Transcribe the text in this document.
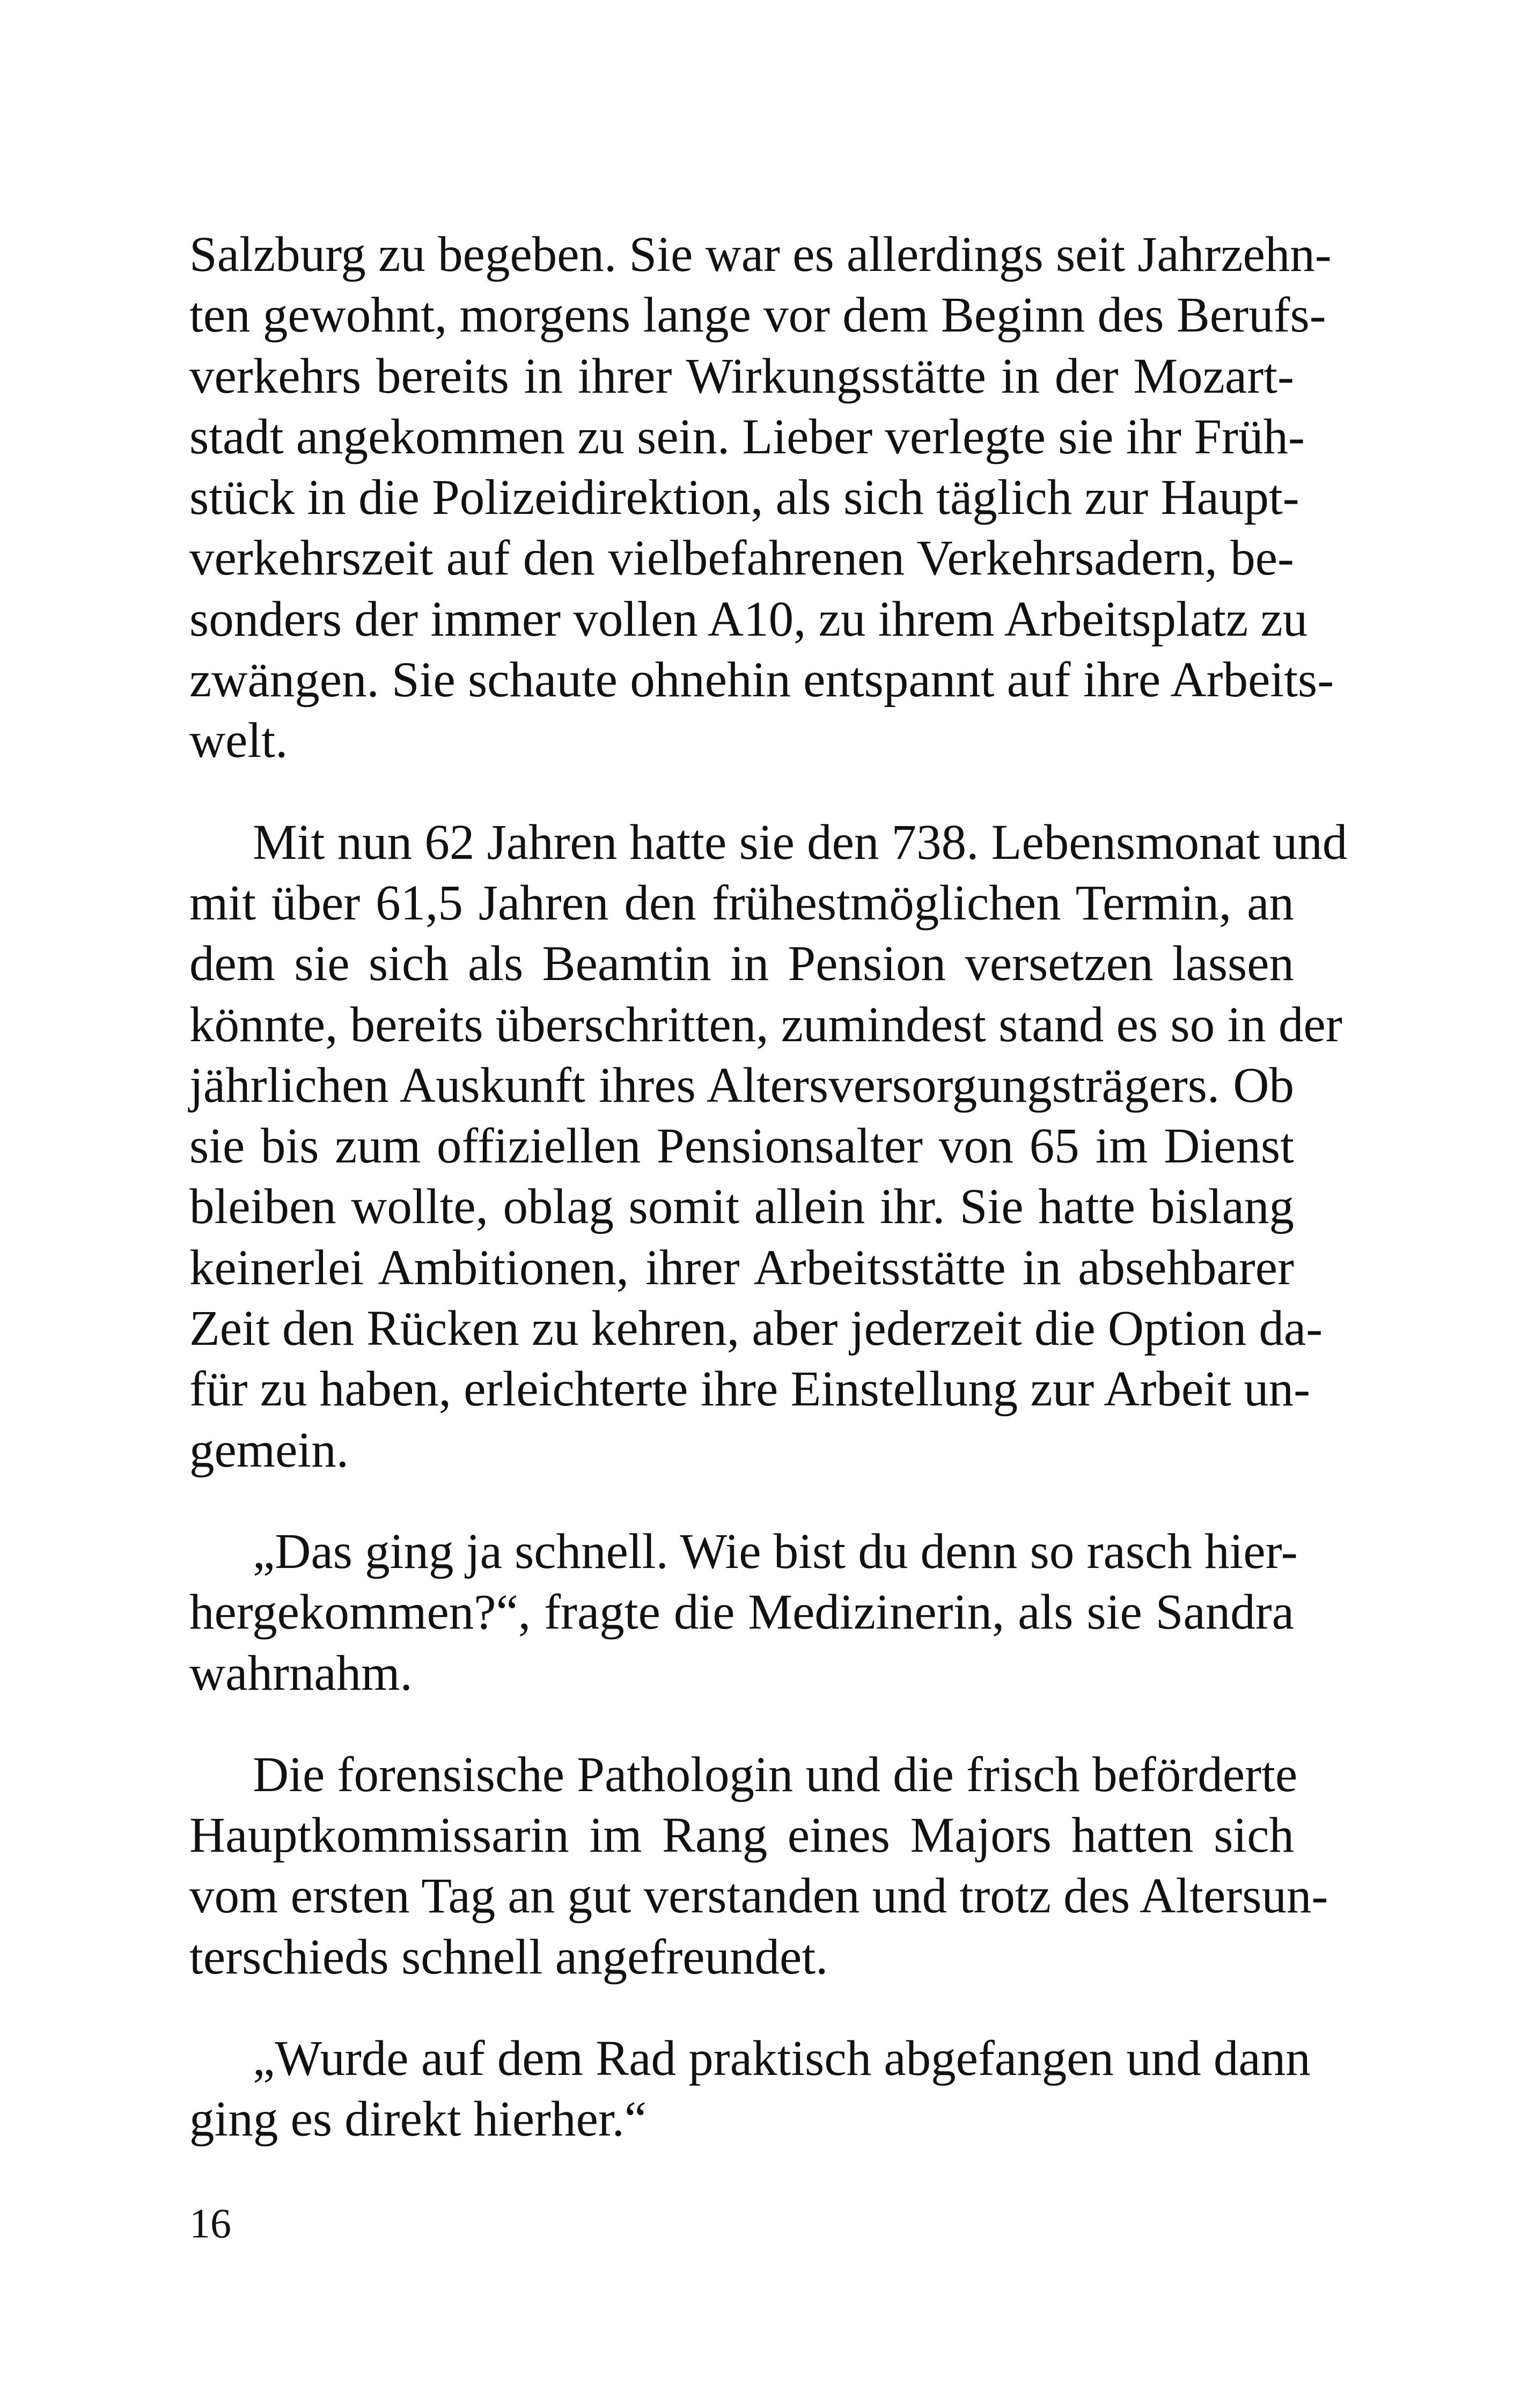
Salzburg zu begeben. Sie war es allerdings seit Jahrzehn-
ten gewohnt, morgens lange vor dem Beginn des Berufs-
verkehrs bereits in ihrer Wirkungsstätte in der Mozart-
stadt angekommen zu sein. Lieber verlegte sie ihr Früh-
stück in die Polizeidirektion, als sich täglich zur Haupt-
verkehrszeit auf den vielbefahrenen Verkehrsadern, be-
sonders der immer vollen A10, zu ihrem Arbeitsplatz zu
zwängen. Sie schaute ohnehin entspannt auf ihre Arbeits-
welt.
Mit nun 62 Jahren hatte sie den 738. Lebensmonat und
mit über 61,5 Jahren den frühestmöglichen Termin, an
dem sie sich als Beamtin in Pension versetzen lassen
könnte, bereits überschritten, zumindest stand es so in der
jährlichen Auskunft ihres Altersversorgungsträgers. Ob
sie bis zum offiziellen Pensionsalter von 65 im Dienst
bleiben wollte, oblag somit allein ihr. Sie hatte bislang
keinerlei Ambitionen, ihrer Arbeitsstätte in absehbarer
Zeit den Rücken zu kehren, aber jederzeit die Option da-
für zu haben, erleichterte ihre Einstellung zur Arbeit un-
gemein.
„Das ging ja schnell. Wie bist du denn so rasch hier-
hergekommen?“, fragte die Medizinerin, als sie Sandra
wahrnahm.
Die forensische Pathologin und die frisch beförderte
Hauptkommissarin im Rang eines Majors hatten sich
vom ersten Tag an gut verstanden und trotz des Altersun-
terschieds schnell angefreundet.
„Wurde auf dem Rad praktisch abgefangen und dann
ging es direkt hierher.“
16
